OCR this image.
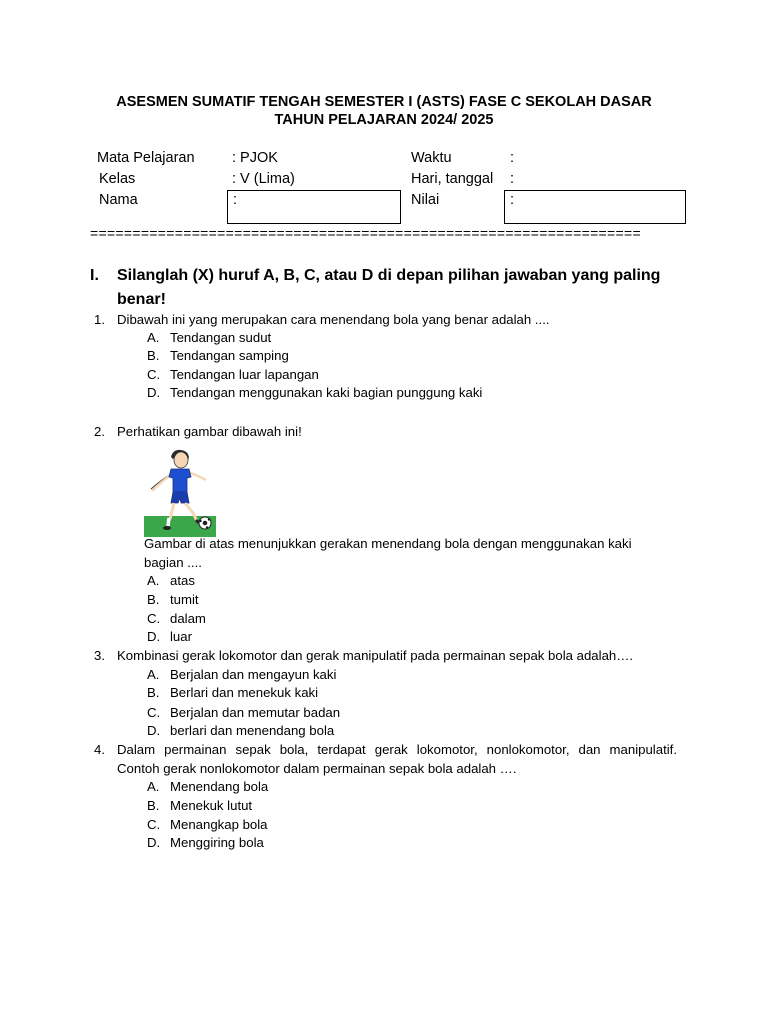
ASESMEN SUMATIF TENGAH SEMESTER I (ASTS) FASE C SEKOLAH DASAR
TAHUN PELAJARAN 2024/ 2025
Mata Pelajaran	: PJOK	Waktu	:
Kelas	: V (Lima)	Hari, tanggal :
Nama	:	Nilai	:
=================================================================
I. Silanglah (X) huruf A, B, C, atau D di depan pilihan jawaban yang paling
benar!
1. Dibawah ini yang merupakan cara menendang bola yang benar adalah ....
A. Tendangan sudut
B. Tendangan samping
C. Tendangan luar lapangan
D. Tendangan menggunakan kaki bagian punggung kaki
2. Perhatikan gambar dibawah ini!
Gambar di atas menunjukkan gerakan menendang bola dengan menggunakan kaki
bagian ....
A. atas
B. tumit
C. dalam
D. luar
3. Kombinasi gerak lokomotor dan gerak manipulatif pada permainan sepak bola adalah….
A. Berjalan dan mengayun kaki
B. Berlari dan menekuk kaki
C. Berjalan dan memutar badan
D. berlari dan menendang bola
4. Dalam permainan sepak bola, terdapat gerak lokomotor, nonlokomotor, dan manipulatif.
Contoh gerak nonlokomotor dalam permainan sepak bola adalah ….
A. Menendang bola
B. Menekuk lutut
C. Menangkap bola
D. Menggiring bola
